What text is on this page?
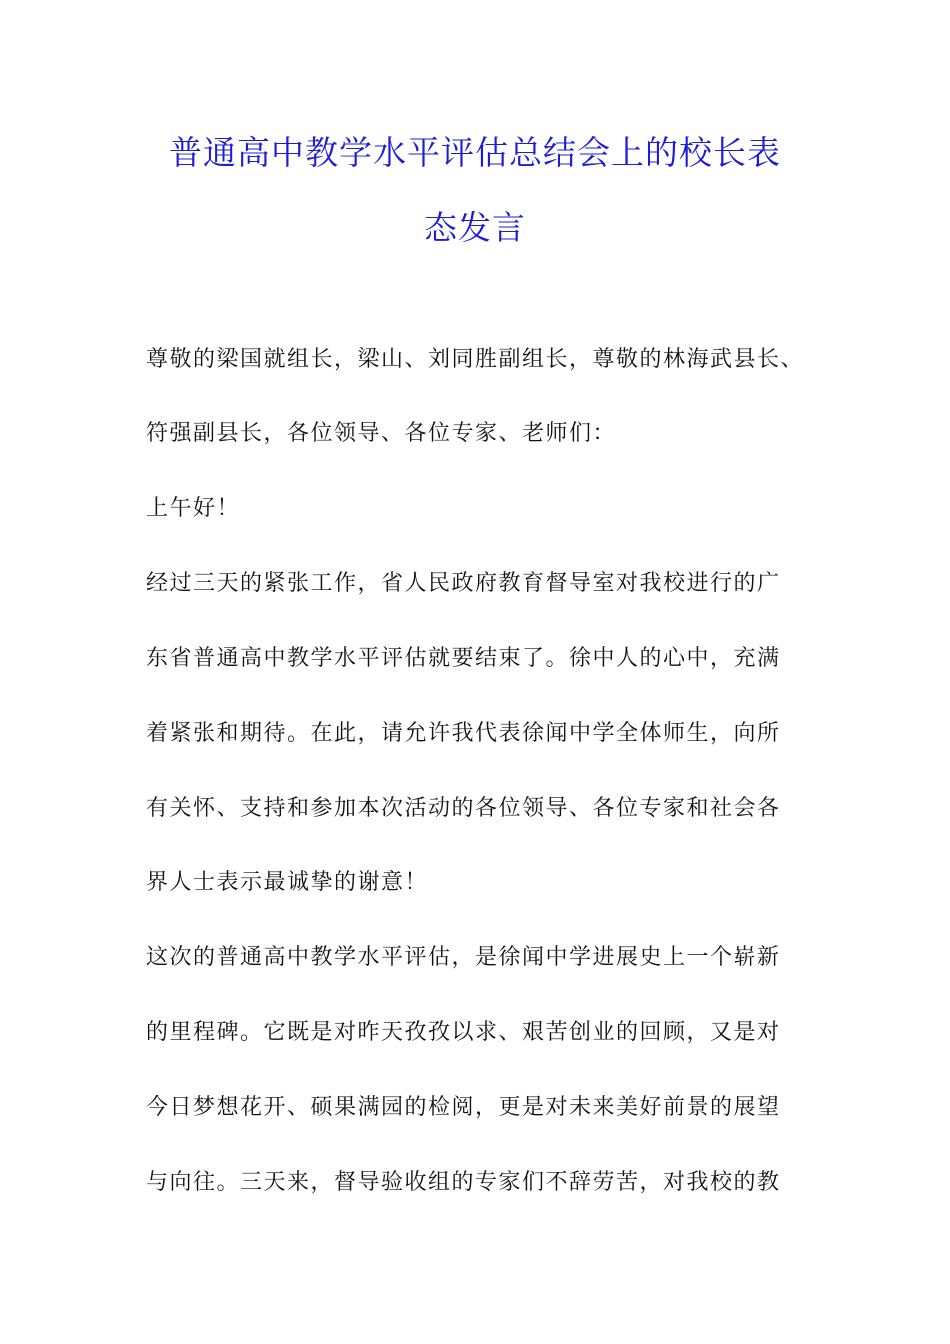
普通高中教学水平评估总结会上的校长表
态发言
尊敬的梁国就组长，梁山、刘同胜副组长，尊敬的林海武县长、
符强副县长，各位领导、各位专家、老师们：
上午好！
经过三天的紧张工作，省人民政府教育督导室对我校进行的广
东省普通高中教学水平评估就要结束了。徐中人的心中，充满
着紧张和期待。在此，请允许我代表徐闻中学全体师生，向所
有关怀、支持和参加本次活动的各位领导、各位专家和社会各
界人士表示最诚挚的谢意！
这次的普通高中教学水平评估，是徐闻中学进展史上一个崭新
的里程碑。它既是对昨天孜孜以求、艰苦创业的回顾，又是对
今日梦想花开、硕果满园的检阅，更是对未来美好前景的展望
与向往。三天来，督导验收组的专家们不辞劳苦，对我校的教
